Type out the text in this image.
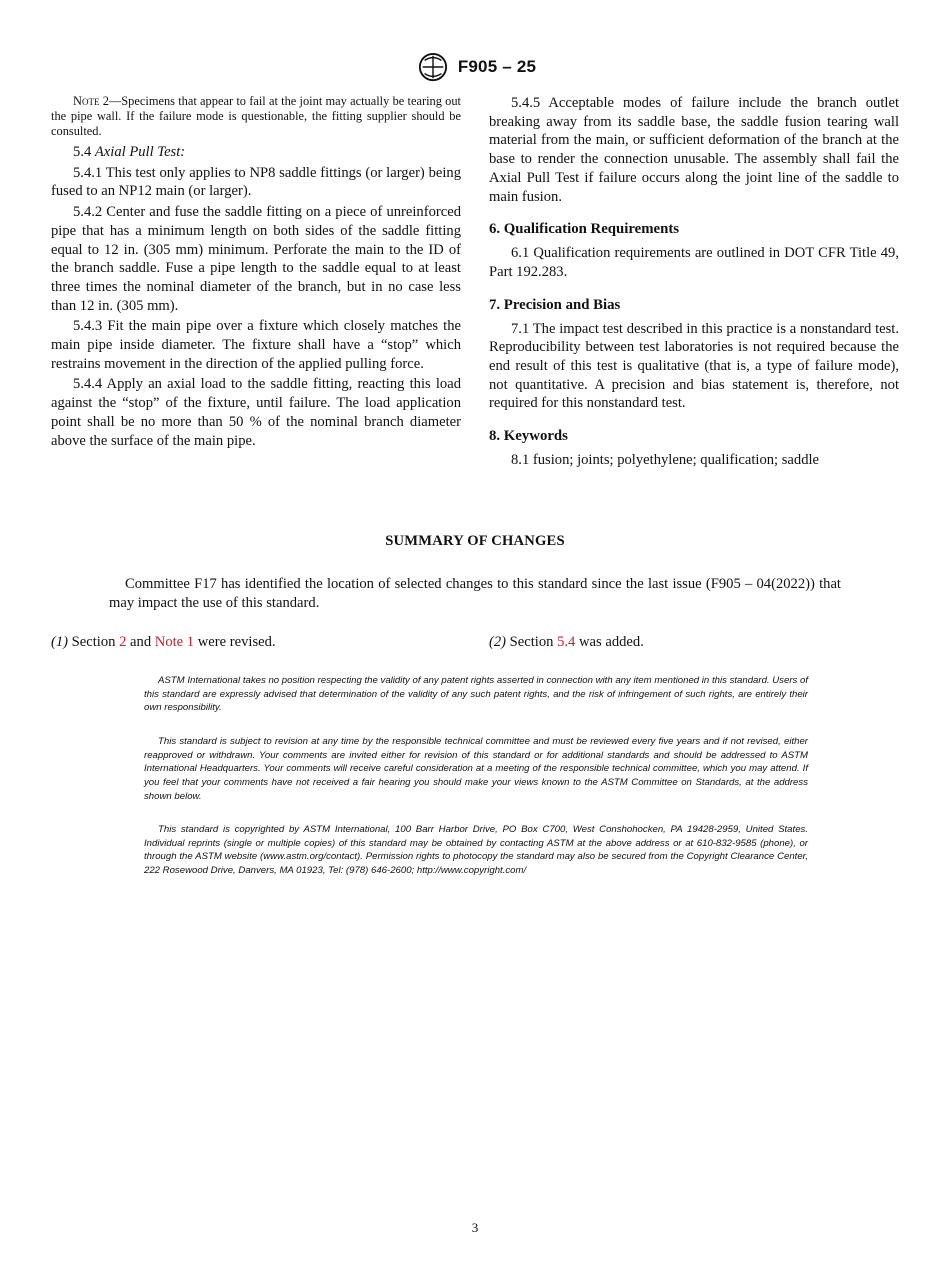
F905 – 25

Note 2—Specimens that appear to fail at the joint may actually be tearing out the pipe wall. If the failure mode is questionable, the fitting supplier should be consulted.

5.4 Axial Pull Test:

5.4.1 This test only applies to NP8 saddle fittings (or larger) being fused to an NP12 main (or larger).

5.4.2 Center and fuse the saddle fitting on a piece of unreinforced pipe that has a minimum length on both sides of the saddle fitting equal to 12 in. (305 mm) minimum. Perforate the main to the ID of the branch saddle. Fuse a pipe length to the saddle equal to at least three times the nominal diameter of the branch, but in no case less than 12 in. (305 mm).

5.4.3 Fit the main pipe over a fixture which closely matches the main pipe inside diameter. The fixture shall have a “stop” which restrains movement in the direction of the applied pulling force.

5.4.4 Apply an axial load to the saddle fitting, reacting this load against the “stop” of the fixture, until failure. The load application point shall be no more than 50 % of the nominal branch diameter above the surface of the main pipe.

5.4.5 Acceptable modes of failure include the branch outlet breaking away from its saddle base, the saddle fusion tearing wall material from the main, or sufficient deformation of the branch at the base to render the connection unusable. The assembly shall fail the Axial Pull Test if failure occurs along the joint line of the saddle to main fusion.

6. Qualification Requirements

6.1 Qualification requirements are outlined in DOT CFR Title 49, Part 192.283.

7. Precision and Bias

7.1 The impact test described in this practice is a nonstandard test. Reproducibility between test laboratories is not required because the end result of this test is qualitative (that is, a type of failure mode), not quantitative. A precision and bias statement is, therefore, not required for this nonstandard test.

8. Keywords

8.1 fusion; joints; polyethylene; qualification; saddle

SUMMARY OF CHANGES
Committee F17 has identified the location of selected changes to this standard since the last issue (F905 – 04(2022)) that may impact the use of this standard.
(1) Section 2 and Note 1 were revised.	(2) Section 5.4 was added.
ASTM International takes no position respecting the validity of any patent rights asserted in connection with any item mentioned in this standard. Users of this standard are expressly advised that determination of the validity of any such patent rights, and the risk of infringement of such rights, are entirely their own responsibility.
This standard is subject to revision at any time by the responsible technical committee and must be reviewed every five years and if not revised, either reapproved or withdrawn. Your comments are invited either for revision of this standard or for additional standards and should be addressed to ASTM International Headquarters. Your comments will receive careful consideration at a meeting of the responsible technical committee, which you may attend. If you feel that your comments have not received a fair hearing you should make your views known to the ASTM Committee on Standards, at the address shown below.
This standard is copyrighted by ASTM International, 100 Barr Harbor Drive, PO Box C700, West Conshohocken, PA 19428-2959, United States. Individual reprints (single or multiple copies) of this standard may be obtained by contacting ASTM at the above address or at 610-832-9585 (phone), or through the ASTM website (www.astm.org/contact). Permission rights to photocopy the standard may also be secured from the Copyright Clearance Center, 222 Rosewood Drive, Danvers, MA 01923, Tel: (978) 646-2600; http://www.copyright.com/
3
